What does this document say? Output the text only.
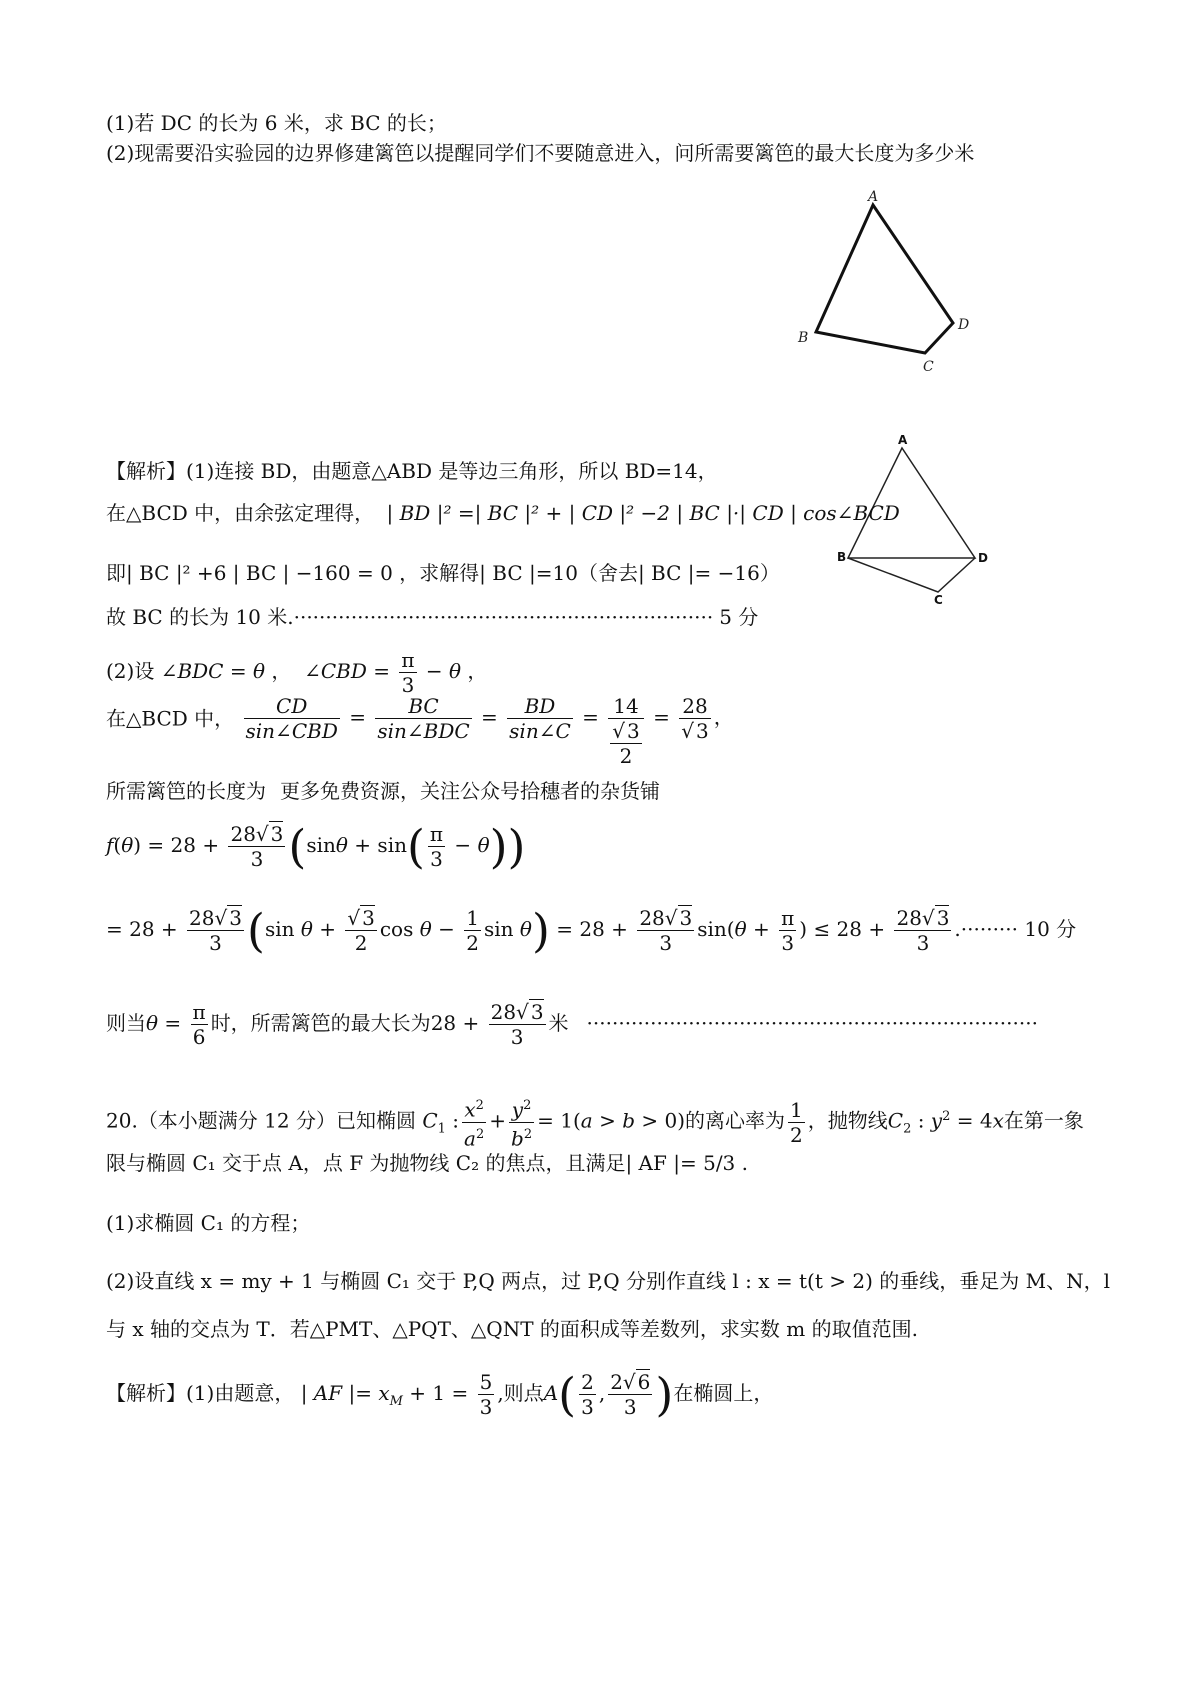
(1)若 DC 的长为 6 米，求 BC 的长；
(2)现需要沿实验园的边界修建篱笆以提醒同学们不要随意进入，问所需要篱笆的最大长度为多少米
A
B
C
D
A
B
C
D
【解析】(1)连接 BD，由题意△ABD 是等边三角形，所以 BD=14，
在△BCD 中，由余弦定理得， | BD |² =| BC |² + | CD |² −2 | BC |·| CD | cos∠BCD
即| BC |² +6 | BC | −160 = 0 ，求解得| BC |=10（舍去| BC |= −16）
故 BC 的长为 10 米.·································································· 5 分
(2)设 ∠BDC = θ ，  ∠CBD = $\frac{\pi}{3} - \theta$ ，
在△BCD 中， $\frac{CD}{\text{sin∠CBD}} = \frac{BC}{\text{sin∠BDC}} = \frac{BD}{\sin\angle C} = \frac{14}{\frac{√ 3}{2}} = \frac{28}{√ 3}$ ，
所需篱笆的长度为 更多免费资源，关注公众号拾穗者的杂货铺
$f(\theta) = 28 + \frac{28√ 3}{3} (\sin\theta + \sin( \frac{\pi}{3} - \theta))$
= $28 + \frac{28√ 3}{3} (\sin$ $\theta + \frac{√ 3}{2}$ $\cos \theta - \frac{1}{2}$ $\sin \theta) = 28 + \frac{28√ 3}{3} \sin(\theta + \frac{\pi}{3}$ ) ≤ $28 + \frac{28√ 3}{3}$ .········· 10 分
则当$\theta = \frac{\pi}{6}$ 时，所需篱笆的最大长为$28 + \frac{28√ 3}{3}$ 米 ·······································································
20.（本小题满分 12 分）已知椭圆 $C_1$ : $\frac{x^2}{a^2} + \frac{y^2}{b^2} = 1(a > b > 0)$的离心率为 $\frac{1}{2}$ ，抛物线$C_2$ : $y^2 = 4x$在第一象
限与椭圆 C₁ 交于点 A，点 F 为抛物线 C₂ 的焦点，且满足| AF |= 5/3 .
(1)求椭圆 C₁ 的方程；
(2)设直线 x = my + 1 与椭圆 C₁ 交于 P,Q 两点，过 P,Q 分别作直线 l : x = t(t > 2) 的垂线，垂足为 M、N，l
与 x 轴的交点为 T．若△PMT、△PQT、△QNT 的面积成等差数列，求实数 m 的取值范围.
【解析】(1)由题意， | AF |= $x_M + 1 = \frac{5}{3}$ ,则点$A( \frac{2}{3}$ , $\frac{2√ 6}{3}$ )在椭圆上，
